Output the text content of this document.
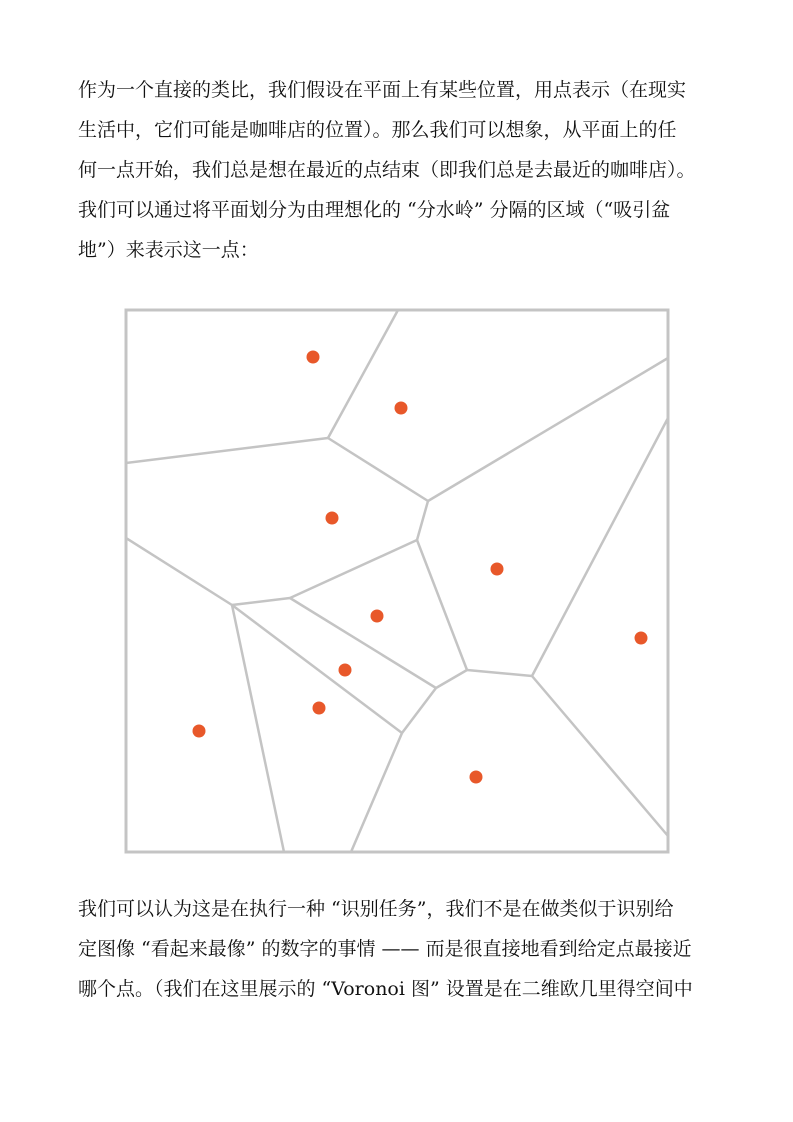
作为一个直接的类比，我们假设在平面上有某些位置，用点表示（在现实
生活中，它们可能是咖啡店的位置）。那么我们可以想象，从平面上的任
何一点开始，我们总是想在最近的点结束（即我们总是去最近的咖啡店）。
我们可以通过将平面划分为由理想化的 “分水岭” 分隔的区域（“吸引盆
地”）来表示这一点：
我们可以认为这是在执行一种 “识别任务”，我们不是在做类似于识别给
定图像 “看起来最像” 的数字的事情 —— 而是很直接地看到给定点最接近
哪个点。（我们在这里展示的 “Voronoi 图” 设置是在二维欧几里得空间中
